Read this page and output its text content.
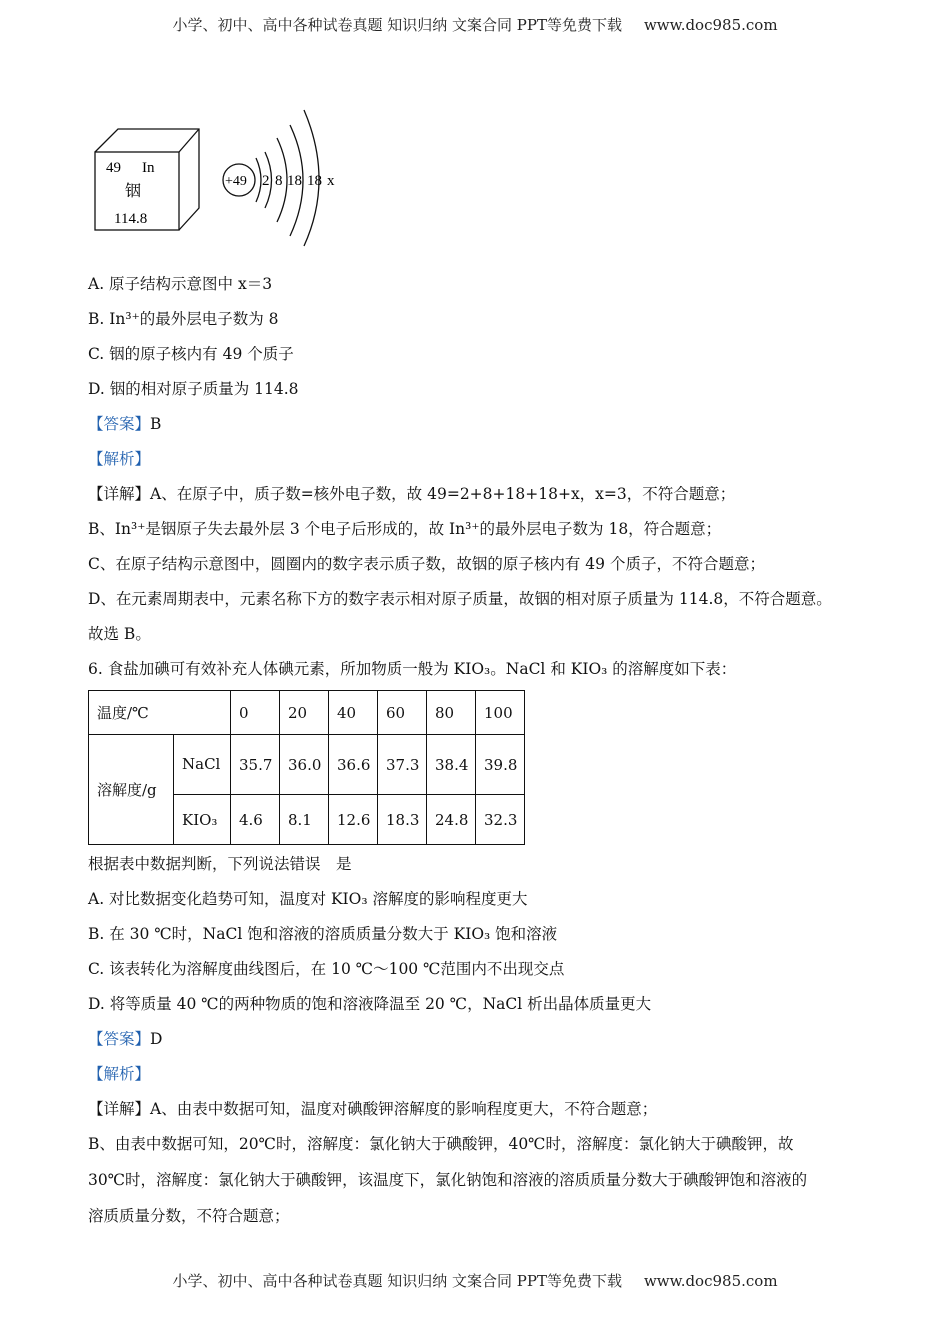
小学、初中、高中各种试卷真题 知识归纳 文案合同 PPT等免费下载 www.doc985.com
49 In
铟
114.8
+49 2 8 18 18 x
A. 原子结构示意图中 x＝3
B. In³⁺的最外层电子数为 8
C. 铟的原子核内有 49 个质子
D. 铟的相对原子质量为 114.8
【答案】B
【解析】
【详解】A、在原子中，质子数=核外电子数，故 49=2+8+18+18+x，x=3，不符合题意；
B、In³⁺是铟原子失去最外层 3 个电子后形成的，故 In³⁺的最外层电子数为 18，符合题意；
C、在原子结构示意图中，圆圈内的数字表示质子数，故铟的原子核内有 49 个质子，不符合题意；
D、在元素周期表中，元素名称下方的数字表示相对原子质量，故铟的相对原子质量为 114.8，不符合题意。
故选 B。
6. 食盐加碘可有效补充人体碘元素，所加物质一般为 KIO₃。NaCl 和 KIO₃ 的溶解度如下表：
温度/℃		0	20	40	60	80	100
溶解度/g	NaCl	35.7	36.0	36.6	37.3	38.4	39.8
	KIO₃	4.6	8.1	12.6	18.3	24.8	32.3
根据表中数据判断，下列说法错误　是
A. 对比数据变化趋势可知，温度对 KIO₃ 溶解度的影响程度更大
B. 在 30 ℃时，NaCl 饱和溶液的溶质质量分数大于 KIO₃ 饱和溶液
C. 该表转化为溶解度曲线图后，在 10 ℃～100 ℃范围内不出现交点
D. 将等质量 40 ℃的两种物质的饱和溶液降温至 20 ℃，NaCl 析出晶体质量更大
【答案】D
【解析】
【详解】A、由表中数据可知，温度对碘酸钾溶解度的影响程度更大，不符合题意；
B、由表中数据可知，20℃时，溶解度：氯化钠大于碘酸钾，40℃时，溶解度：氯化钠大于碘酸钾，故
30℃时，溶解度：氯化钠大于碘酸钾，该温度下，氯化钠饱和溶液的溶质质量分数大于碘酸钾饱和溶液的
溶质质量分数，不符合题意；
小学、初中、高中各种试卷真题 知识归纳 文案合同 PPT等免费下载 www.doc985.com
